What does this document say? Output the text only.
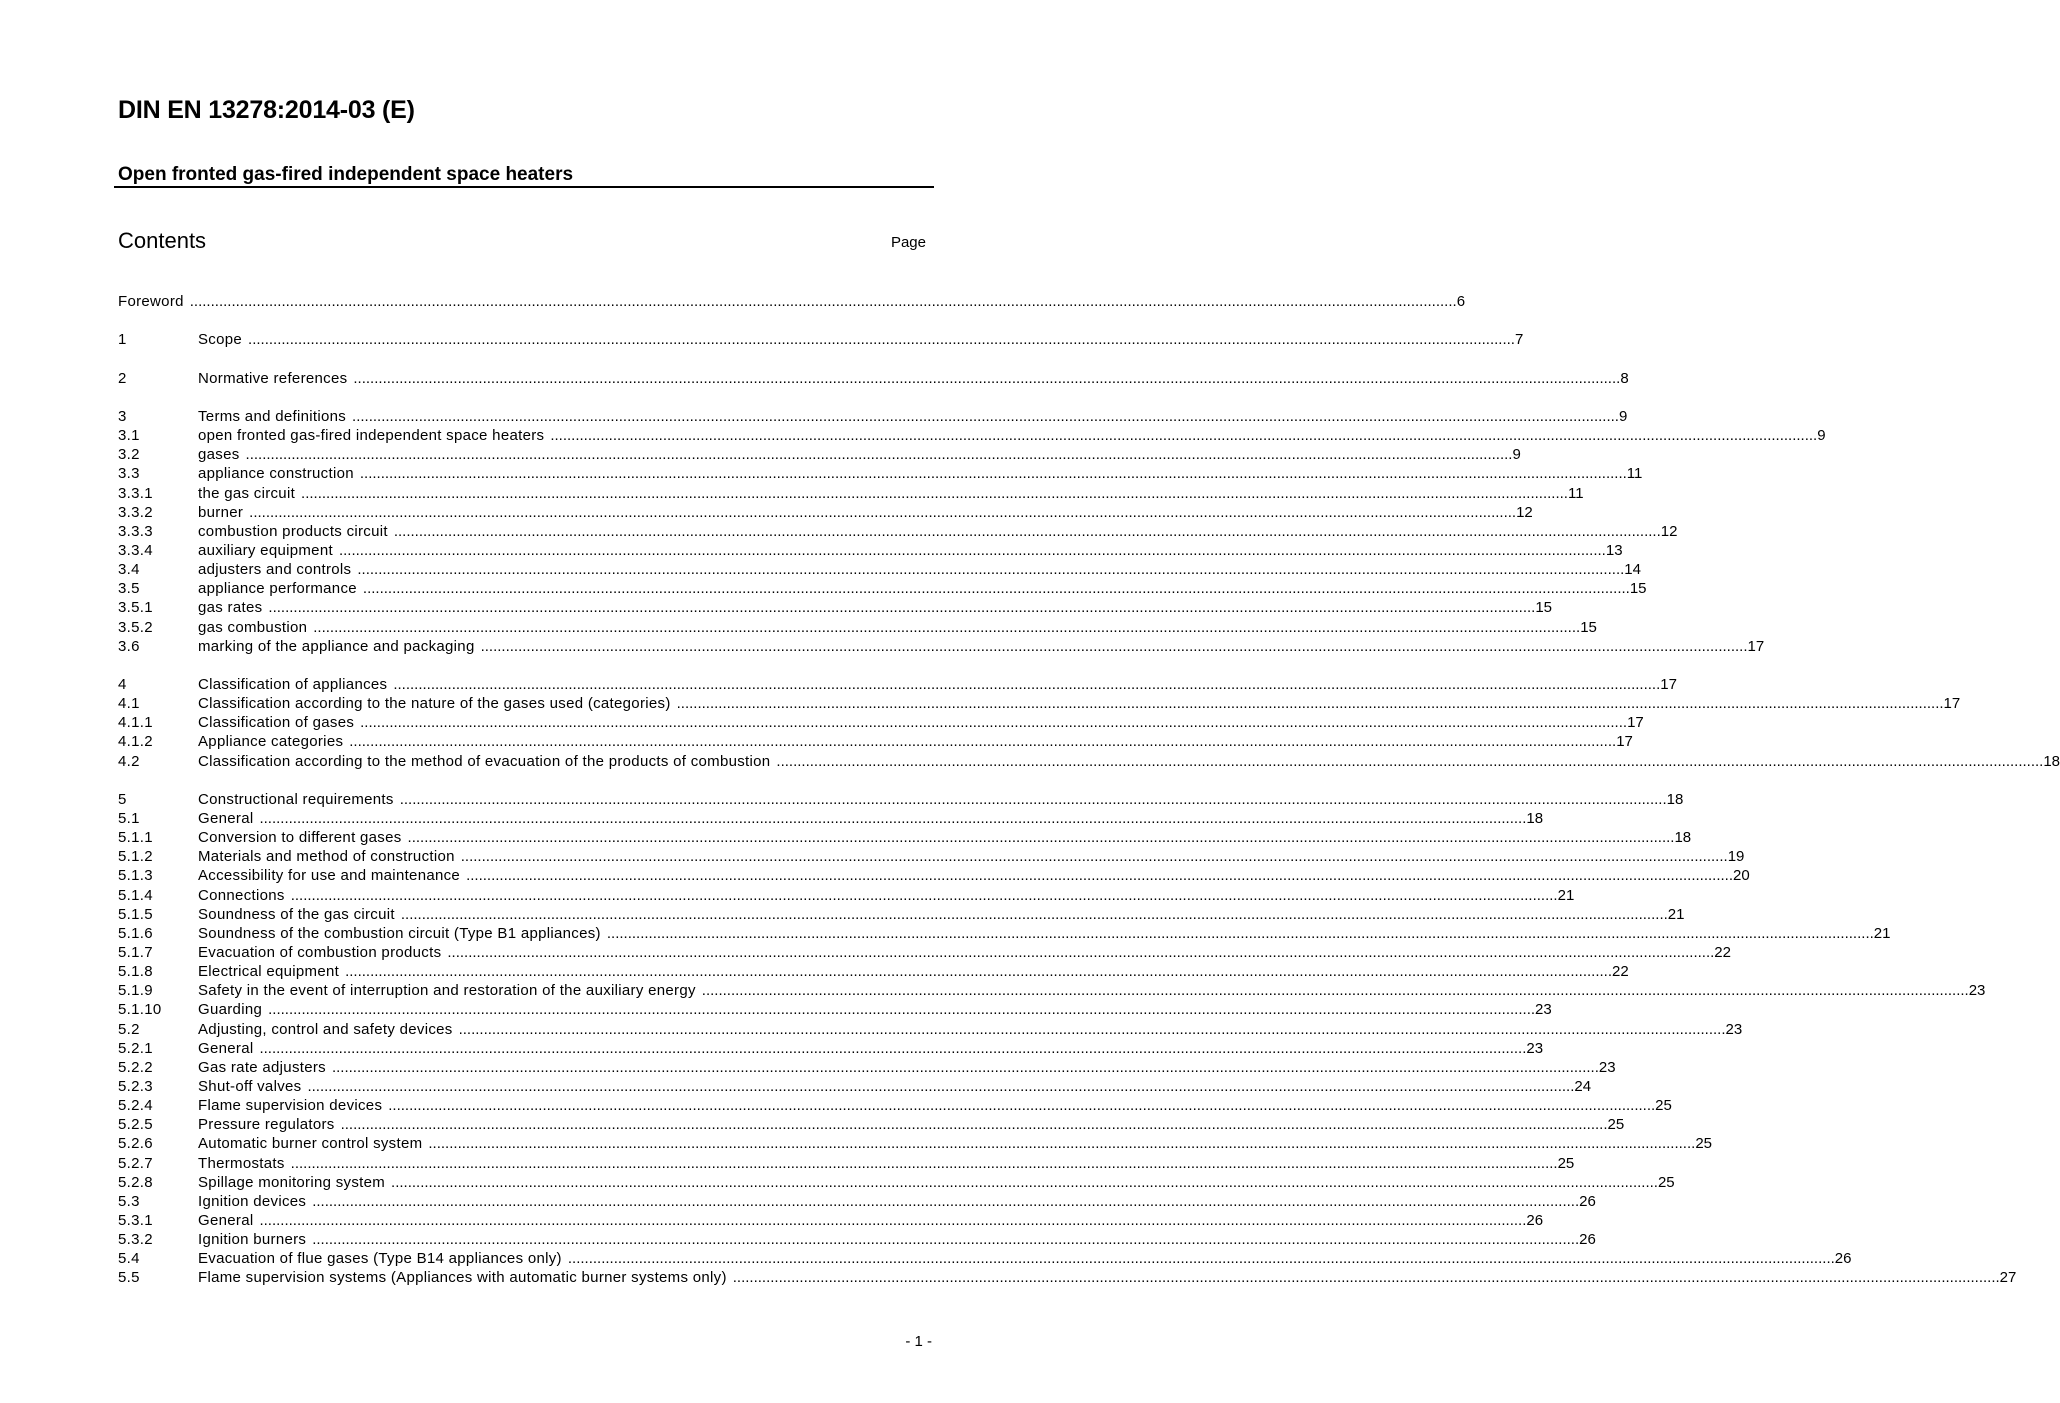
DIN EN 13278:2014-03 (E)
Open fronted gas-fired independent space heaters
Contents	Page
Foreword .....	6
1	Scope .....	7
2	Normative references .....	8
3	Terms and definitions .....	9
3.1	open fronted gas-fired independent space heaters .....	9
3.2	gases .....	9
3.3	appliance construction .....	11
3.3.1	the gas circuit .....	11
3.3.2	burner .....	12
3.3.3	combustion products circuit .....	12
3.3.4	auxiliary equipment .....	13
3.4	adjusters and controls .....	14
3.5	appliance performance .....	15
3.5.1	gas rates .....	15
3.5.2	gas combustion .....	15
3.6	marking of the appliance and packaging .....	17
4	Classification of appliances .....	17
4.1	Classification according to the nature of the gases used (categories) .....	17
4.1.1	Classification of gases .....	17
4.1.2	Appliance categories .....	17
4.2	Classification according to the method of evacuation of the products of combustion .....	18
5	Constructional requirements .....	18
5.1	General .....	18
5.1.1	Conversion to different gases .....	18
5.1.2	Materials and method of construction .....	19
5.1.3	Accessibility for use and maintenance .....	20
5.1.4	Connections .....	21
5.1.5	Soundness of the gas circuit .....	21
5.1.6	Soundness of the combustion circuit (Type B1 appliances) .....	21
5.1.7	Evacuation of combustion products .....	22
5.1.8	Electrical equipment .....	22
5.1.9	Safety in the event of interruption and restoration of the auxiliary energy .....	23
5.1.10	Guarding .....	23
5.2	Adjusting, control and safety devices .....	23
5.2.1	General .....	23
5.2.2	Gas rate adjusters .....	23
5.2.3	Shut-off valves .....	24
5.2.4	Flame supervision devices .....	25
5.2.5	Pressure regulators .....	25
5.2.6	Automatic burner control system .....	25
5.2.7	Thermostats .....	25
5.2.8	Spillage monitoring system .....	25
5.3	Ignition devices .....	26
5.3.1	General .....	26
5.3.2	Ignition burners .....	26
5.4	Evacuation of flue gases (Type B14 appliances only) .....	26
5.5	Flame supervision systems (Appliances with automatic burner systems only) .....	27
- 1 -
